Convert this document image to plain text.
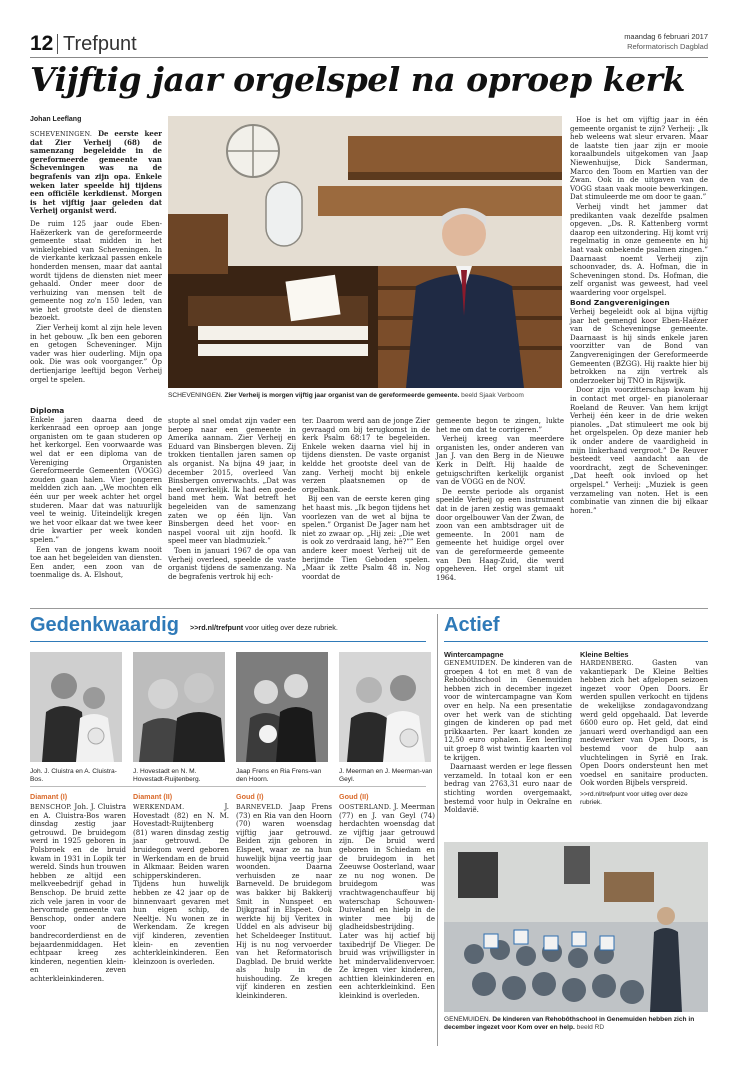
12 Trefpunt	maandag 6 februari 2017
Reformatorisch Dagblad
Vijftig jaar orgelspel na oproep kerk
Johan Leeflang

SCHEVENINGEN. De eerste keer dat Zier Verheij (68) de samenzang begeleidde in de gereformeerde gemeente van Scheveningen was na de begrafenis van zijn opa. Enkele weken later speelde hij tijdens een officiële kerkdienst. Morgen is het vijftig jaar geleden dat Verheij organist werd.

De ruim 125 jaar oude Eben-Haëzerkerk van de gereformeerde gemeente staat midden in het winkelgebied van Scheveningen. In de vierkante kerkzaal passen enkele honderden mensen, maar dat aantal wordt tijdens de diensten niet meer gehaald. Onder meer door de verhuizing van mensen telt de gemeente nog zo'n 150 leden, van wie het grootste deel de diensten bezoekt.

Zier Verheij komt al zijn hele leven in het gebouw. „Ik ben een geboren en getogen Scheveninger. Mijn vader was hier ouderling. Mijn opa ook. Die was ook voorganger.” Op dertienjarige leeftijd begon Verheij orgel te spelen.

SCHEVENINGEN. Zier Verheij is morgen vijftig jaar organist van de gereformeerde gemeente. beeld Sjaak Verboom

Hoe is het om vijftig jaar in één gemeente organist te zijn? Verheij: „Ik heb weleens wat sleur ervaren. Maar de laatste tien jaar zijn er mooie koraalbundels uitgekomen van Jaap Niewenhuijse, Dick Sanderman, Marco den Toom en Martien van der Zwan. Ook in de uitgaven van de VOGG staan vaak mooie bewerkingen. Dat stimuleerde me om door te gaan.”

Verheij vindt het jammer dat predikanten vaak dezelfde psalmen opgeven. „Ds. R. Kattenberg vormt daarop een uitzondering. Hij komt vrij regelmatig in onze gemeente en hij laat vaak onbekende psalmen zingen.” Daarnaast noemt Verheij zijn schoonvader, ds. A. Hofman, die in Scheveningen stond. Ds. Hofman, die zelf organist was geweest, had veel waardering voor orgelspel.

Bond Zangverenigingen

Verheij begeleidt ook al bijna vijftig jaar het gemengd koor Eben-Haëzer van de Scheveningse gemeente. Daarnaast is hij sinds enkele jaren voorzitter van de Bond van Zangverenigingen der Gereformeerde Gemeenten (BZGG). Hij raakte hier bij betrokken na zijn vertrek als onderzoeker bij TNO in Rijswijk.

Door zijn voorzitterschap kwam hij in contact met orgel- en pianoleraar Roeland de Reuver. Van hem krijgt Verheij één keer in de drie weken pianoles. „Dat stimuleert me ook bij het orgelspelen. Op deze manier heb ik onder andere de vaardigheid in mijn linkerhand vergroot.” De Reuver besteedt veel aandacht aan de voordracht, zegt de Scheveninger. „Dat heeft ook invloed op het orgelspel.” Verheij: „Muziek is geen verzameling van noten. Het is een combinatie van zinnen die bij elkaar horen.”

Diploma

Enkele jaren daarna deed de kerkenraad een oproep aan jonge organisten om te gaan studeren op het kerkorgel. Een voorwaarde was wel dat er een diploma van de Vereniging Organisten Gereformeerde Gemeenten (VOGG) zouden gaan halen. Vier jongeren meldden zich aan. „We mochten elk één uur per week achter het orgel studeren. Maar dat was natuurlijk veel te weinig. Uiteindelijk kregen we het voor elkaar dat we twee keer drie kwartier per week konden spelen.”

Een van de jongens kwam nooit toe aan het begeleiden van diensten. Een ander, een zoon van de toenmalige ds. A. Elshout,

stopte al snel omdat zijn vader een beroep naar een gemeente in Amerika aannam. Zier Verheij en Eduard van Binsbergen bleven. Zij trokken tientallen jaren samen op als organist. Na bijna 49 jaar, in december 2015, overleed Van Binsbergen onverwachts. „Dat was heel onwerkelijk. Ik had een goede band met hem. Wat betreft het begeleiden van de samenzang zaten we op één lijn. Van Binsbergen deed het voor- en naspel vooral uit zijn hoofd. Ik speel meer van bladmuziek.”

Toen in januari 1967 de opa van Verheij overleed, speelde de vaste organist tijdens de samenzang. Na de begrafenis vertrok hij ech-

ter. Daarom werd aan de jonge Zier gevraagd om bij terugkomst in de kerk Psalm 68:17 te begeleiden. Enkele weken daarna viel hij in tijdens diensten. De vaste organist keldde het grootste deel van de zang. Verheij mocht bij enkele verzen plaatsnemen op de orgelbank.

Bij een van de eerste keren ging het haast mis. „Ik begon tijdens het voorlezen van de wet al bijna te spelen.” Organist De Jager nam het niet zo zwaar op. „Hij zei: „Die wet is ook zo verdraaid lang, hè?”” Een andere keer moest Verheij uit de berijmde Tien Geboden spelen. „Maar ik zette Psalm 48 in. Nog voordat de

gemeente begon te zingen, lukte het me om dat te corrigeren.”

Verheij kreeg van meerdere organisten les, onder anderen van Jan J. van den Berg in de Nieuwe Kerk in Delft. Hij haalde de getuigschriften kerkelijk organist van de VOGG en de NOV.

De eerste periode als organist speelde Verheij op een instrument dat in de jaren zestig was gemaakt door orgelbouwer Van der Zwan, de zoon van een ambtsdrager uit de gemeente. In 2001 nam de gemeente het huidige orgel over van de gereformeerde gemeente van Den Haag-Zuid, die werd opgeheven. Het orgel stamt uit 1964.

Gedenkwaardig >>rd.nl/trefpunt voor uitleg over deze rubriek.
Joh. J. Cluistra en A. Cluistra-Bos.
J. Hovestadt en N. M. Hovestadt-Ruijtenberg.
Jaap Frens en Ria Frens-van den Hoorn.
J. Meerman en J. Meerman-van Geyl.
Diamant (I)	Diamant (II)	Goud (I)	Goud (II)

BENSCHOP. Joh. J. Cluistra en A. Cluistra-Bos waren dinsdag zestig jaar getrouwd. De bruidegom werd in 1925 geboren in Polsbroek en de bruid kwam in 1931 in Lopik ter wereld. Sinds hun trouwen hebben ze altijd een melkveebedrijf gehad in Benschop. De bruid zette zich vele jaren in voor de hervormde gemeente van Benschop, onder andere voor de bandrecorderdienst en de bejaardenmiddagen. Het echtpaar kreeg zes kinderen, negentien klein- en zeven achterkleinkinderen.

WERKENDAM.	J. Hovestadt (82) en N. M. Hovestadt-Ruijtenberg (81) waren dinsdag zestig jaar getrouwd. De bruidegom werd geboren in Werkendam en de bruid in Alkmaar. Beiden waren schipperskinderen. Tijdens hun huwelijk hebben ze 42 jaar op de binnenvaart gevaren met hun eigen schip, de Neeltje. Nu wonen ze in Werkendam. Ze kregen vijf kinderen, zeventien klein- en zeventien achterkleinkinderen. Een kleinzoon is overleden.

BARNEVELD. Jaap Frens (73) en Ria van den Hoorn (70) waren woensdag vijftig jaar getrouwd. Beiden zijn geboren in Elspeet, waar ze na hun huwelijk bijna veertig jaar woonden. Daarna verhuisden ze naar Barneveld. De bruidegom was bakker bij Bakkerij Smit in Nunspeet en Dijkgraaf in Elspeet. Ook werkte hij bij Veritex in Uddel en als adviseur bij het Scheldeeger Instituut. Hij is nu nog vervoerder van het Reformatorisch Dagblad. De bruid werkte als hulp in de huishouding. Ze kregen vijf kinderen en zestien kleinkinderen.

OOSTERLAND. J. Meerman (77) en J. van Geyl (74) herdachten woensdag dat ze vijftig jaar getrouwd zijn. De bruid werd geboren in Schiedam en de bruidegom in het Zeeuwse Oosterland, waar ze nu nog wonen. De bruidegom was vrachtwagenchauffeur bij waterschap Schouwen-Duiveland en hielp in de winter mee bij de gladheidsbestrijding. Later was hij actief bij taxibedrijf De Vlieger. De bruid was vrijwilligster in het mindervalidenvervoer. Ze kregen vier kinderen, achttien kleinkinderen en een achterkleinkind. Een kleinkind is overleden.

Actief
Wintercampagne

GENEMUIDEN. De kinderen van de groepen 4 tot en met 8 van de Rehobôthschool in Genemuiden hebben zich in december ingezet voor de wintercampagne van Kom over en help. Na een presentatie over het werk van de stichting gingen de kinderen op pad met prikkaarten. Per kaart konden ze 12,50 euro ophalen. Een leerling uit groep 8 wist twintig kaarten vol te krijgen.

Daarnaast werden er lege flessen verzameld. In totaal kon er een bedrag van 2763,31 euro naar de stichting worden overgemaakt, bestemd voor hulp in Oekraïne en Moldavië.

Kleine Belties

HARDENBERG.	Gasten van vakantiepark De Kleine Belties hebben zich het afgelopen seizoen ingezet voor Open Doors. Er werden spullen verkocht en tijdens de wekelijkse zondagavondzang werd geld opgehaald. Dat leverde 6600 euro op. Het geld, dat eind januari werd overhandigd aan een medewerker van Open Doors, is bestemd voor de hulp aan vluchtelingen in Syrië en Irak. Open Doors ondersteunt hen met voedsel en sanitaire producten. Ook worden Bijbels verspreid.

>>rd.nl/trefpunt voor uitleg over deze rubriek.
GENEMUIDEN. De kinderen van Rehobôthschool in Genemuiden hebben zich in december ingezet voor Kom over en help. beeld RD
